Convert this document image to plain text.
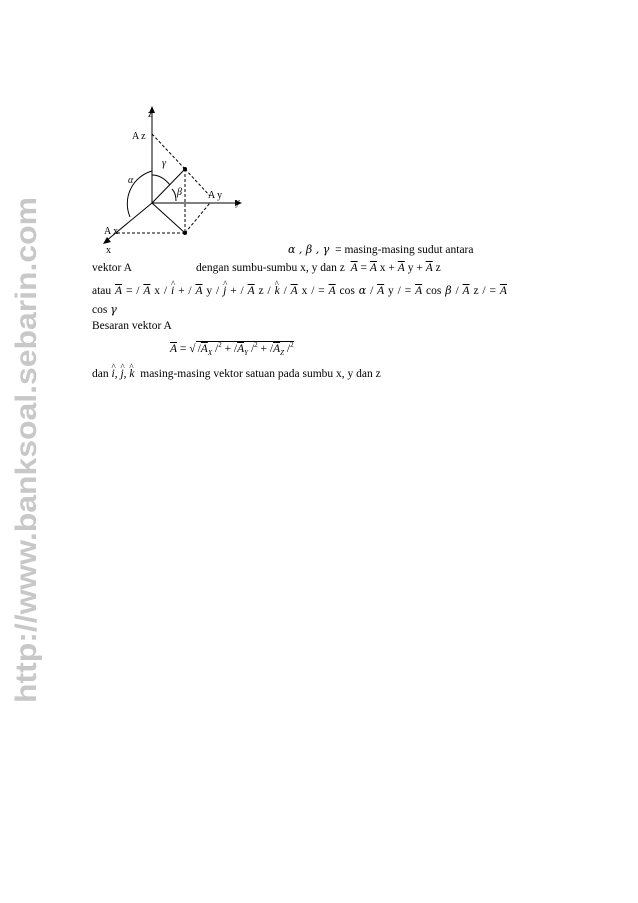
http://www.banksoal.sebarin.com
z
A z
A y
y
A x
x
γ
α
β
α , β , γ = masing-masing sudut antara
vektor A	dengan sumbu-sumbu x, y dan z $\overline{A} = \overline{A}$ $x + \overline{A}$ $y + \overline{A}$ z
atau $\overline{A}$ = / $\overline{A}$ x / ^ i + / $\overline{A}$ y / ^ j + / $\overline{A}$ z / ^ k / $\overline{A}$ x / = $\overline{A}$ cos α / $\overline{A}$ y / = $\overline{A}$ cos β / $\overline{A}$ z / = $\overline{A}$
cos γ
Besaran vektor A
$\overline{A}$ = √ $/\overline{A}_X$ $/^2 + /\overline{A}_Y$ $/^2 + /\overline{A}_Z$ /$^2$
dan ^ i, ^ j, ^ k masing-masing vektor satuan pada sumbu x, y dan z
